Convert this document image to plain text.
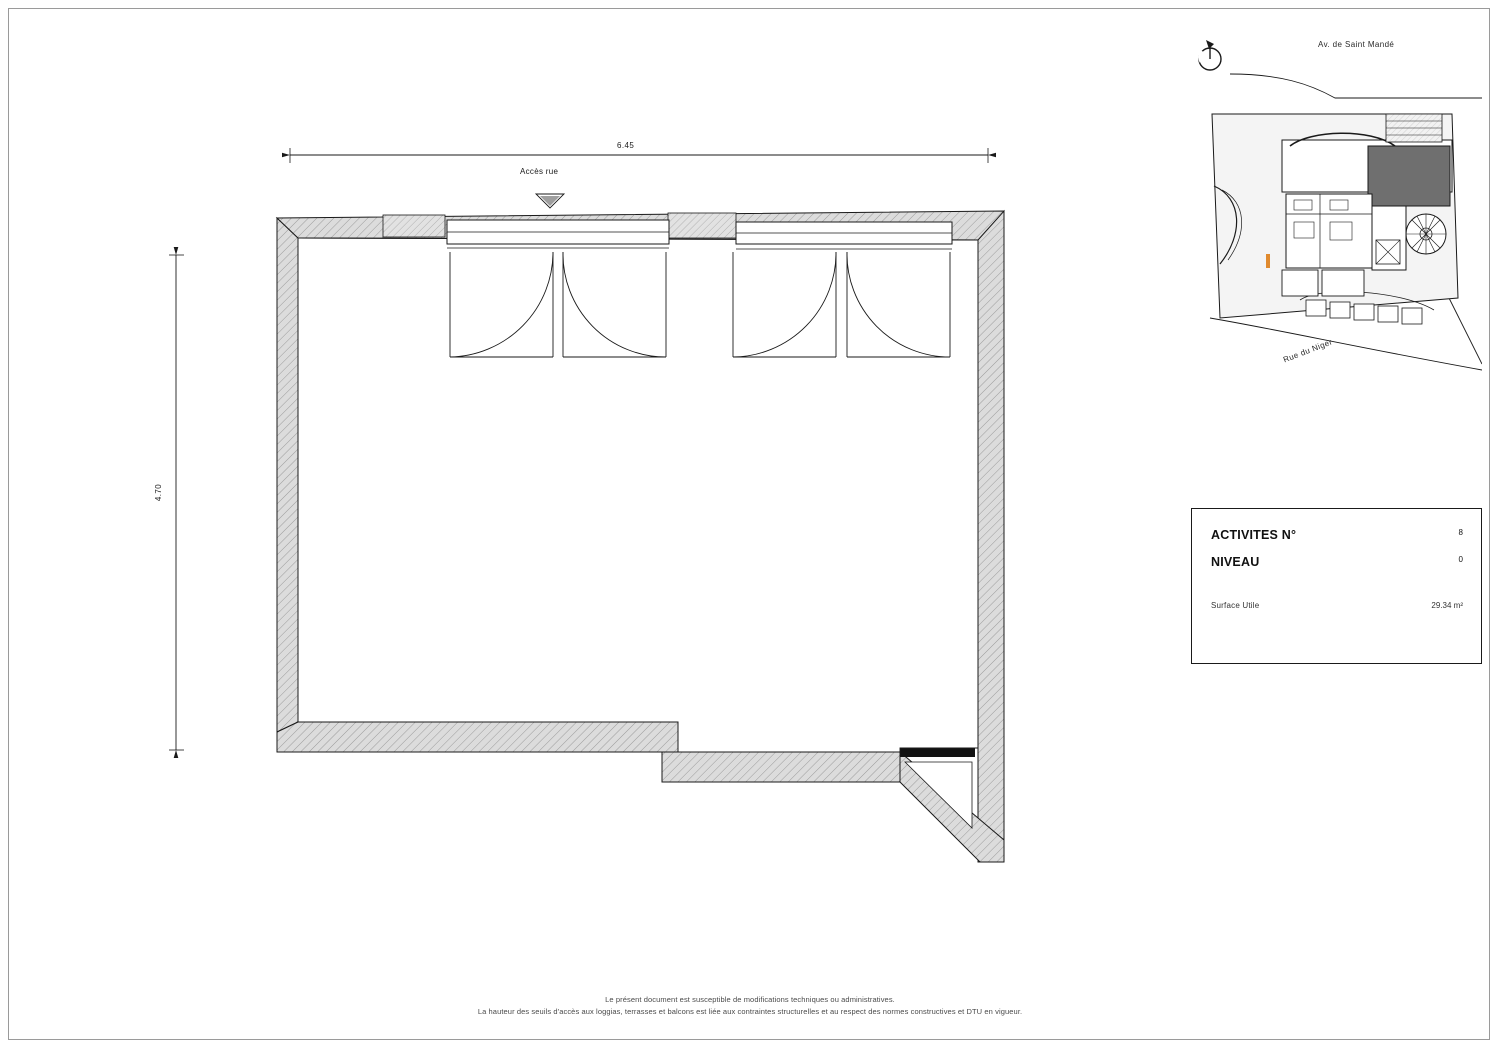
6.45
4.70
Accès rue
Av. de Saint Mandé
Rue du Niger
ACTIVITES N°	8
NIVEAU	0
Surface Utile	29.34 m²
Le présent document est susceptible de modifications techniques ou administratives.
La hauteur des seuils d'accès aux loggias, terrasses et balcons est liée aux contraintes structurelles et au respect des normes constructives et DTU en vigueur.
